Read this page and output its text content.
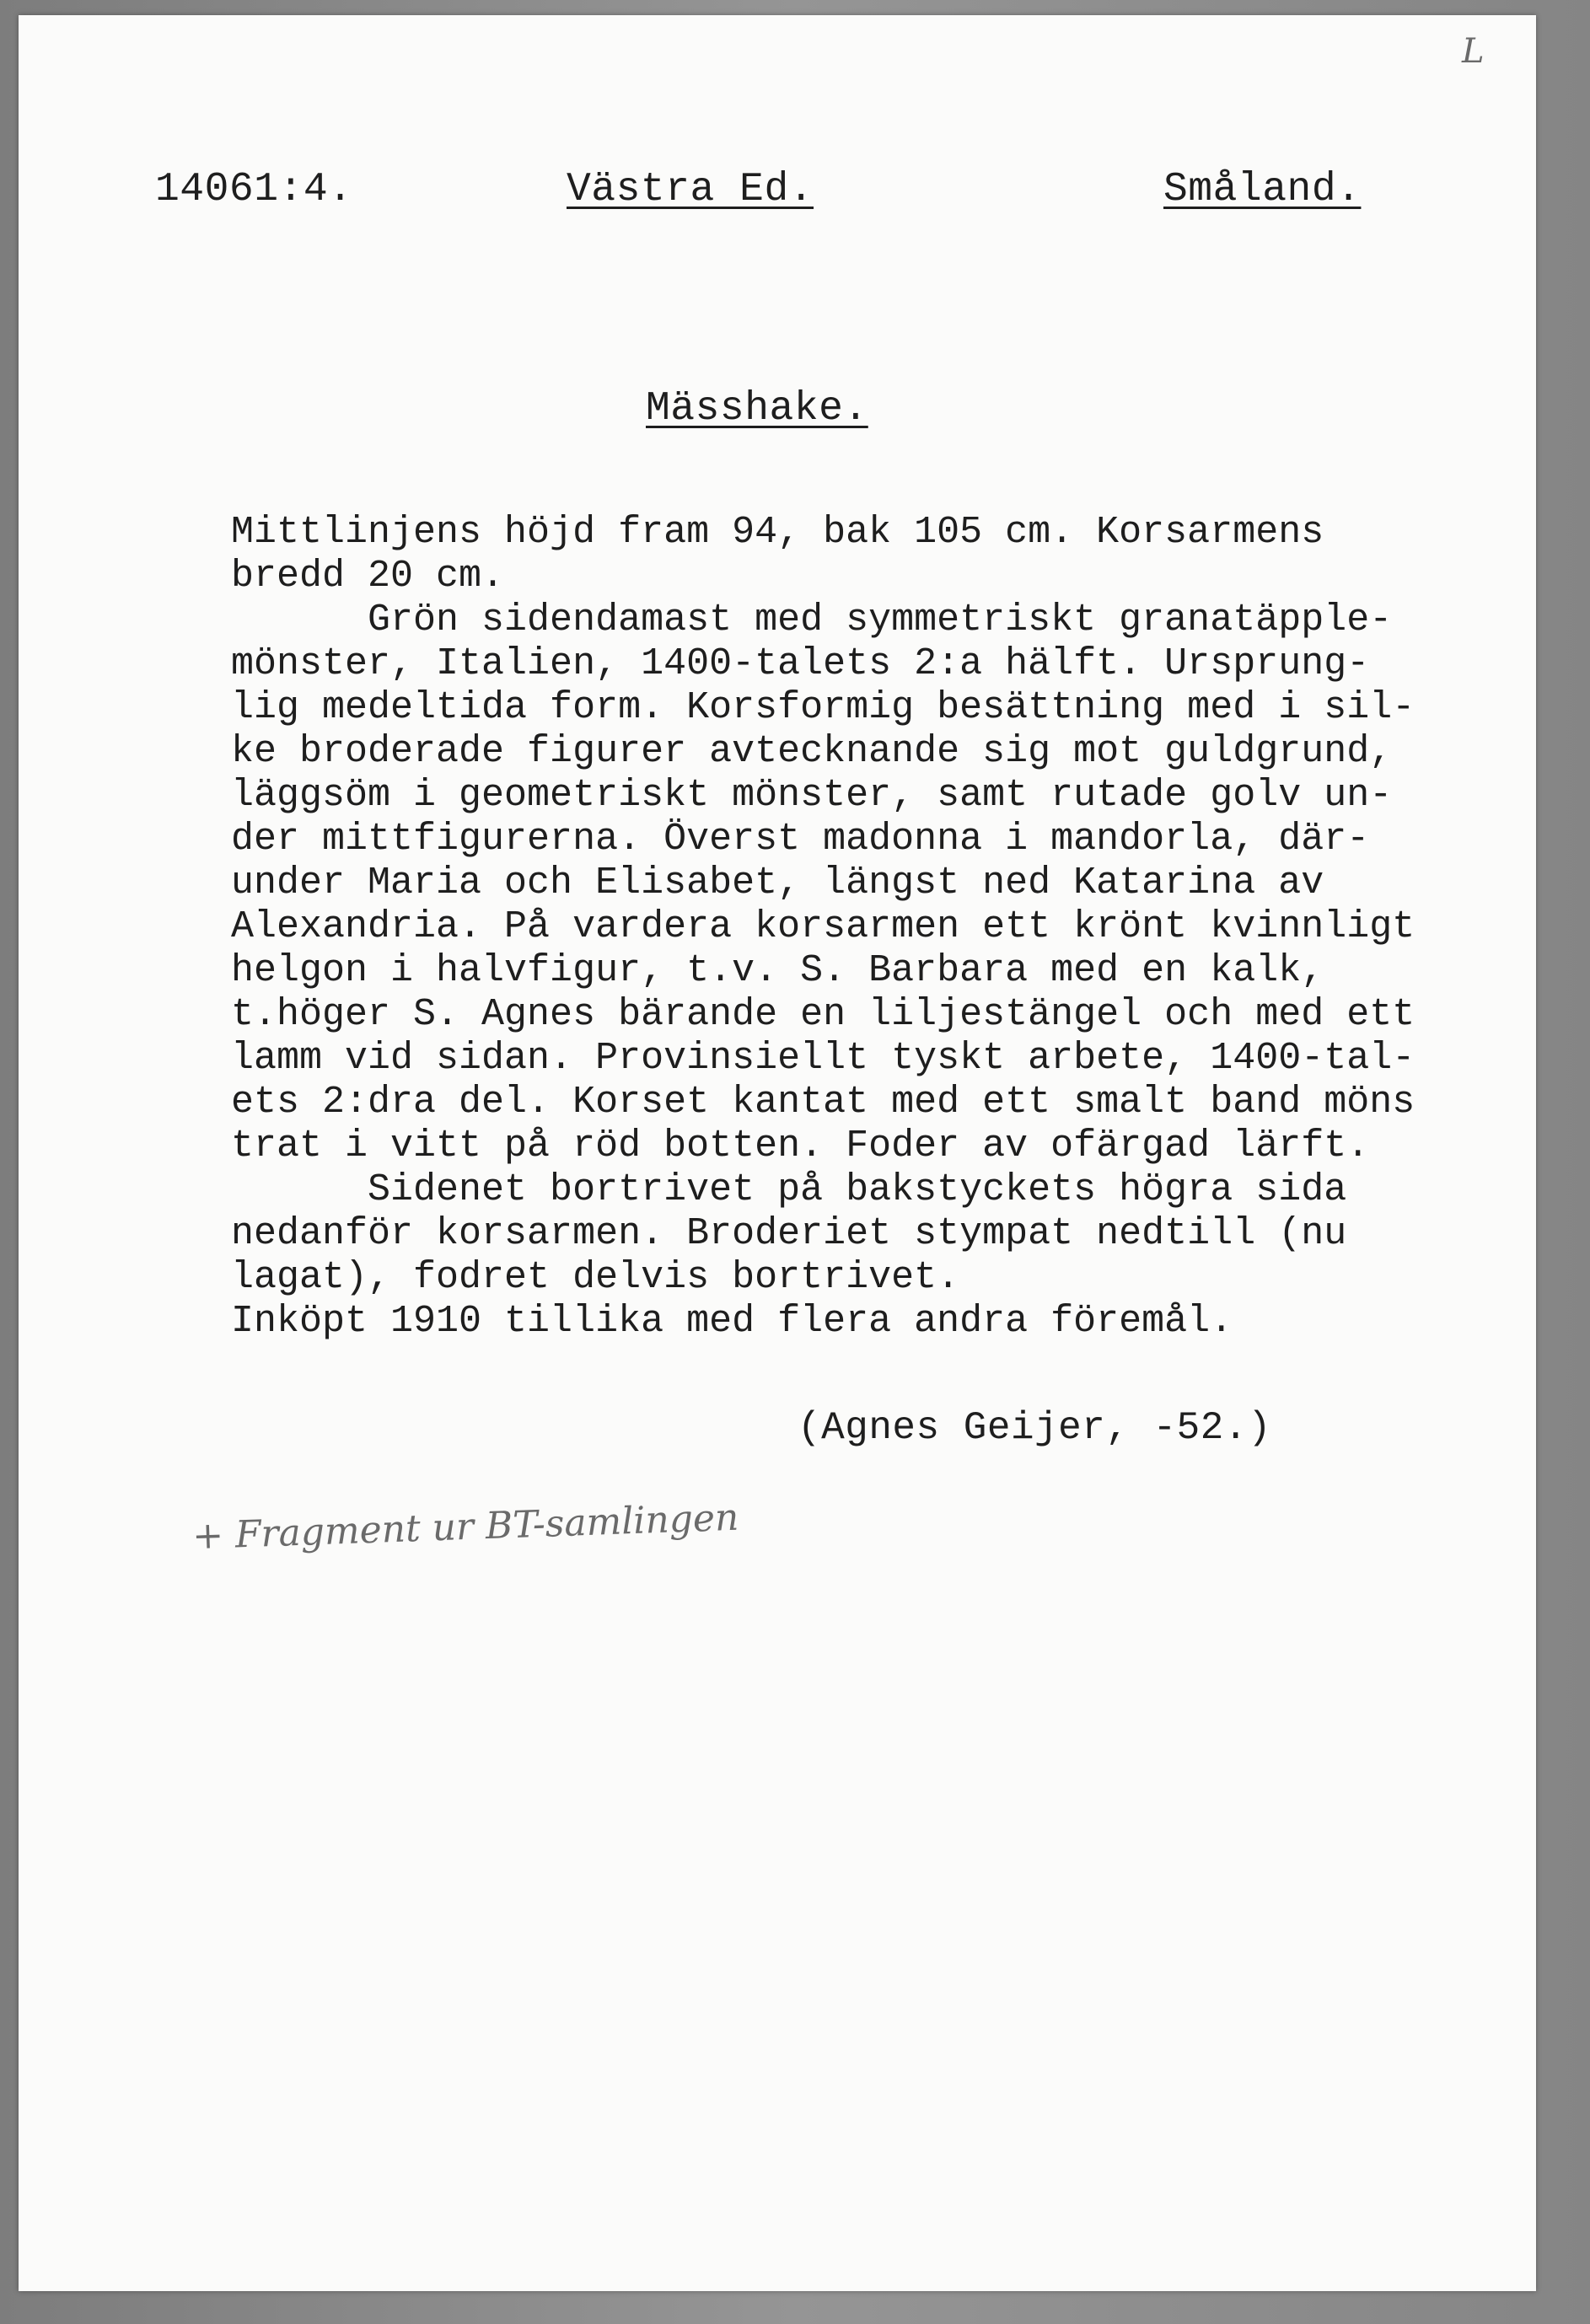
L
14061:4.	Västra Ed.	Småland.
Mässhake.
Mittlinjens höjd fram 94, bak 105 cm. Korsarmens
bredd 20 cm.
Grön sidendamast med symmetriskt granatäpple-
mönster, Italien, 1400-talets 2:a hälft. Ursprung-
lig medeltida form. Korsformig besättning med i sil-
ke broderade figurer avtecknande sig mot guldgrund,
läggsöm i geometriskt mönster, samt rutade golv un-
der mittfigurerna. Överst madonna i mandorla, där-
under Maria och Elisabet, längst ned Katarina av
Alexandria. På vardera korsarmen ett krönt kvinnligt
helgon i halvfigur, t.v. S. Barbara med en kalk,
t.höger S. Agnes bärande en liljestängel och med ett
lamm vid sidan. Provinsiellt tyskt arbete, 1400-tal-
ets 2:dra del. Korset kantat med ett smalt band möns
trat i vitt på röd botten. Foder av ofärgad lärft.
Sidenet bortrivet på bakstyckets högra sida
nedanför korsarmen. Broderiet stympat nedtill (nu
lagat), fodret delvis bortrivet.
Inköpt 1910 tillika med flera andra föremål.
(Agnes Geijer, -52.)
+ Fragment ur BT-samlingen
